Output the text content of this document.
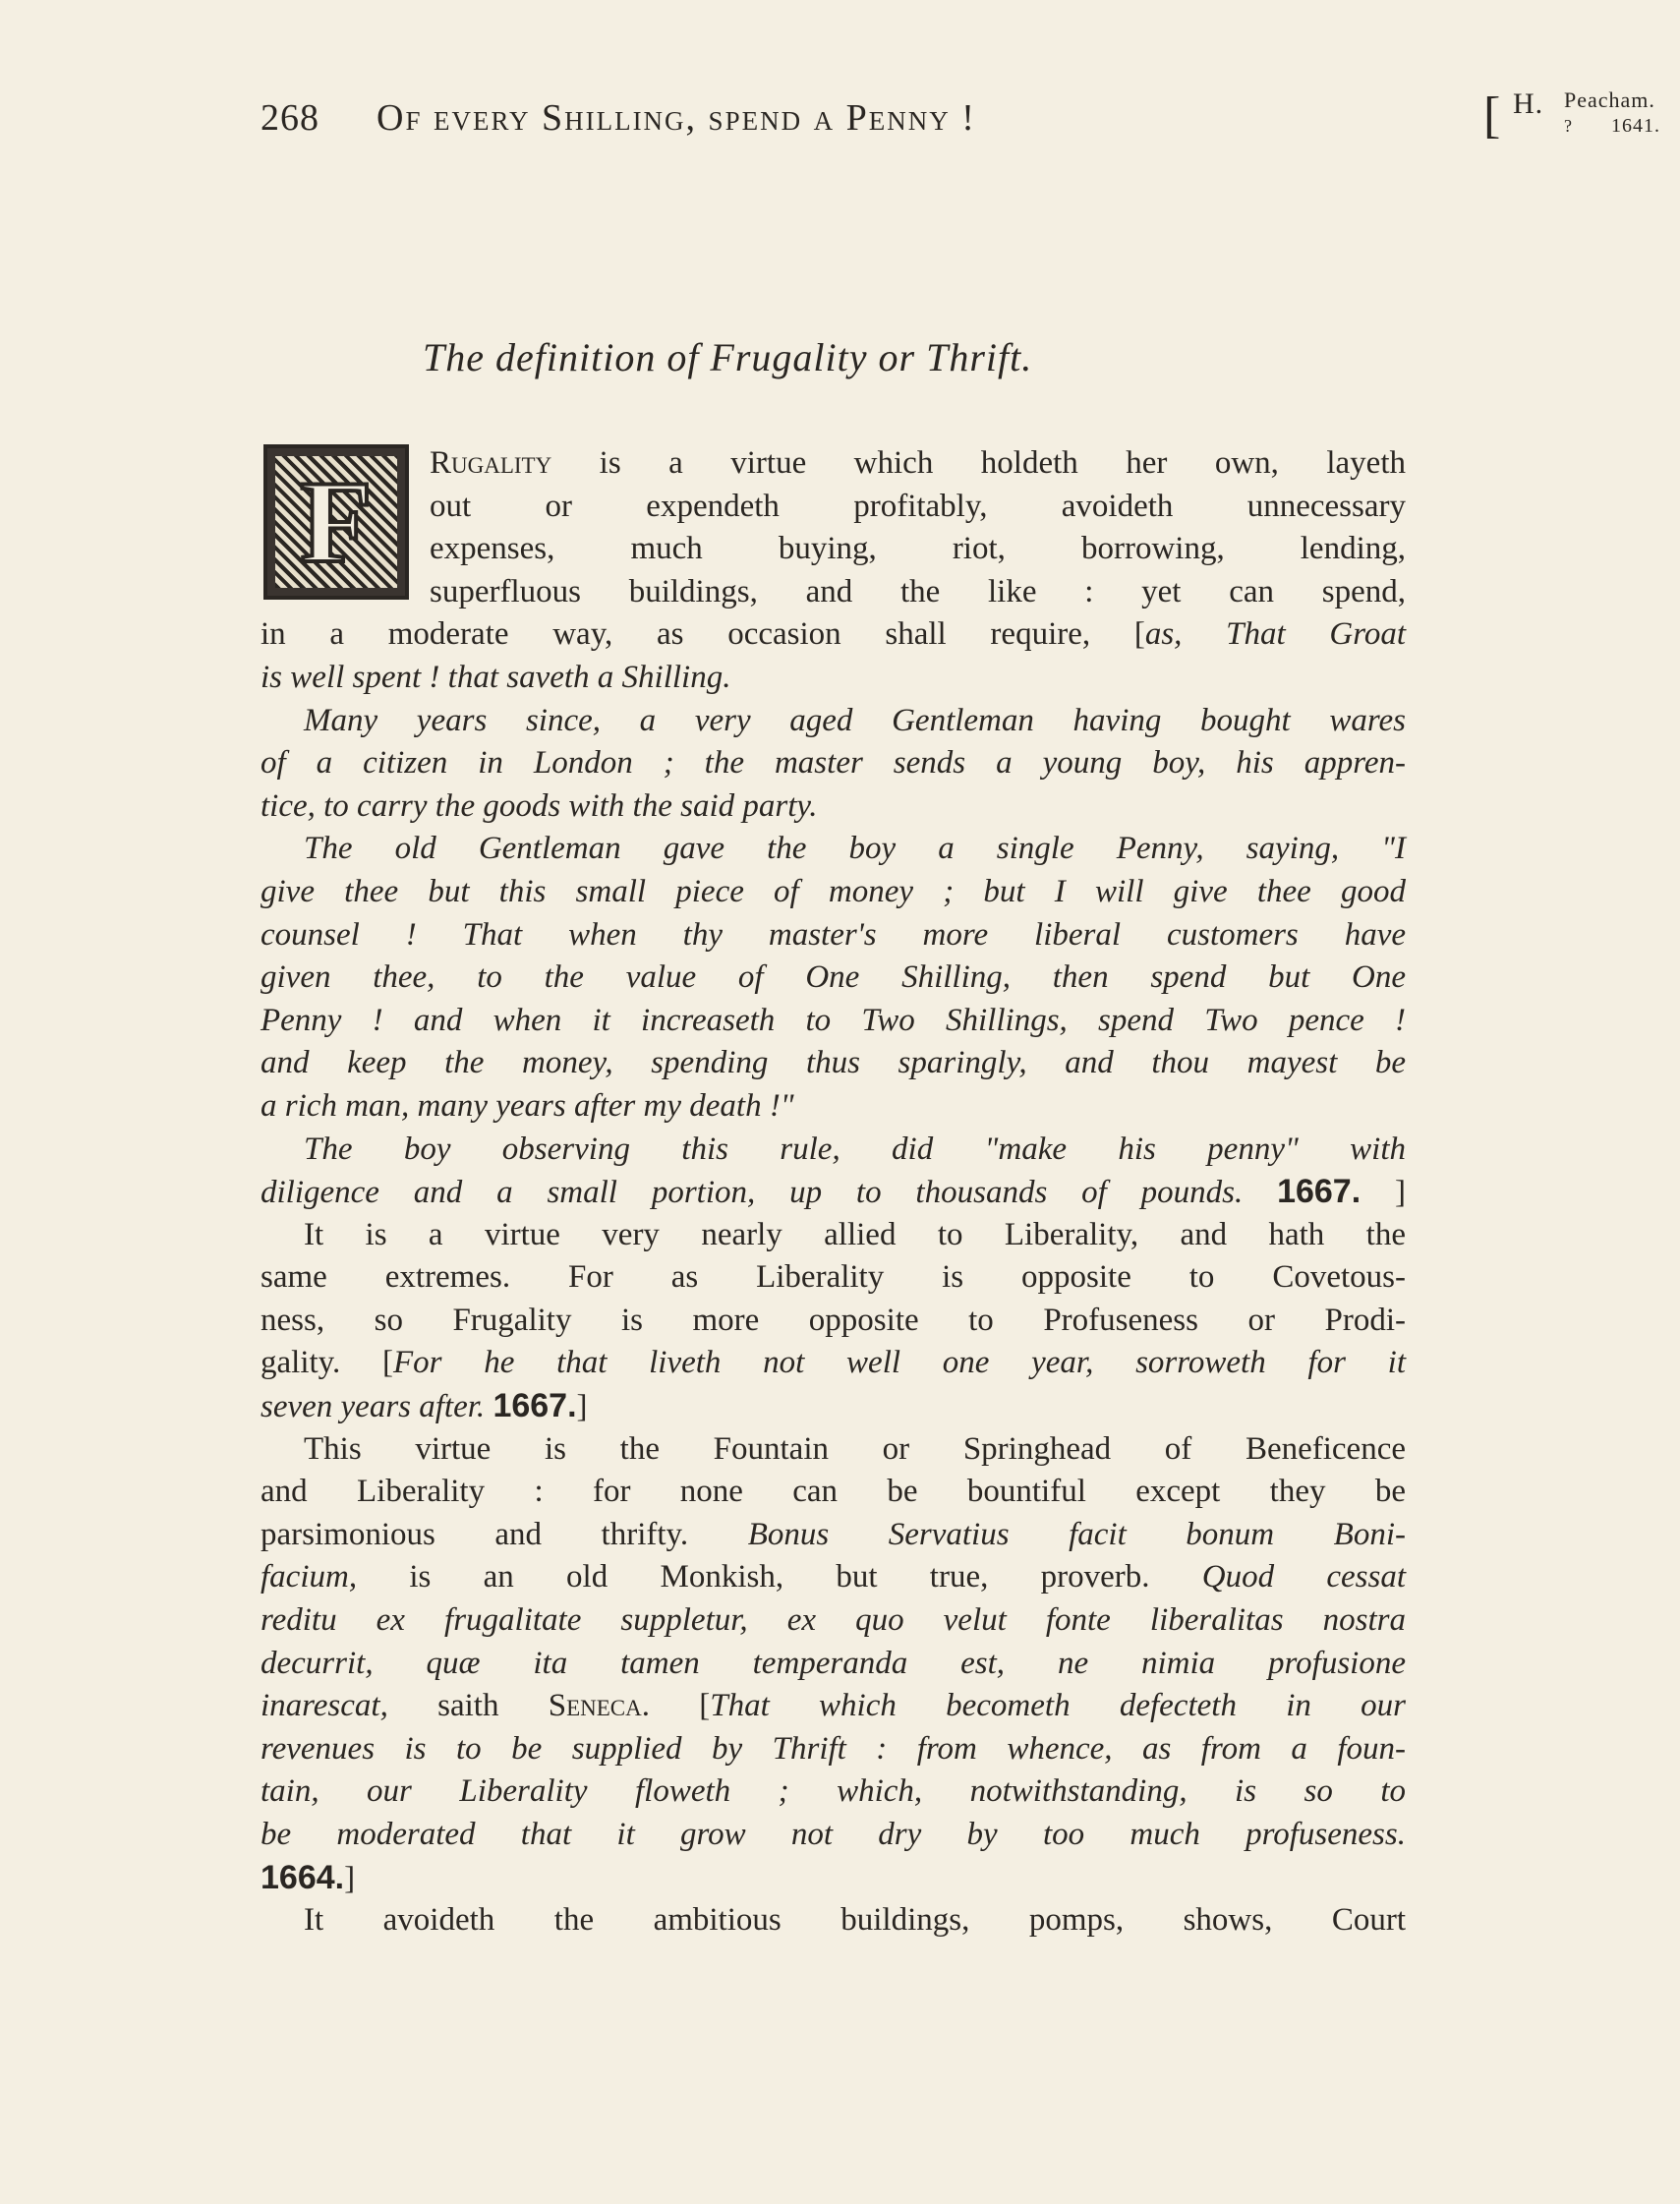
268 Of every Shilling, spend a Penny !	[ H. Peacham.
? 1641.
The definition of Frugality or Thrift.
F	Rugality is a virtue which holdeth her own, layeth
out or expendeth profitably, avoideth unnecessary
expenses, much buying, riot, borrowing, lending,
superfluous buildings, and the like : yet can spend,
in a moderate way, as occasion shall require, [as, That Groat
is well spent ! that saveth a Shilling.
Many years since, a very aged Gentleman having bought wares
of a citizen in London ; the master sends a young boy, his appren-
tice, to carry the goods with the said party.
The old Gentleman gave the boy a single Penny, saying, "I
give thee but this small piece of money ; but I will give thee good
counsel ! That when thy master's more liberal customers have
given thee, to the value of One Shilling, then spend but One
Penny ! and when it increaseth to Two Shillings, spend Two pence !
and keep the money, spending thus sparingly, and thou mayest be
a rich man, many years after my death !"
The boy observing this rule, did "make his penny" with
diligence and a small portion, up to thousands of pounds. 1667. ]
It is a virtue very nearly allied to Liberality, and hath the
same extremes. For as Liberality is opposite to Covetous-
ness, so Frugality is more opposite to Profuseness or Prodi-
gality. [For he that liveth not well one year, sorroweth for it
seven years after. 1667.]
This virtue is the Fountain or Springhead of Beneficence
and Liberality : for none can be bountiful except they be
parsimonious and thrifty. Bonus Servatius facit bonum Boni-
facium, is an old Monkish, but true, proverb. Quod cessat
reditu ex frugalitate suppletur, ex quo velut fonte liberalitas nostra
decurrit, quæ ita tamen temperanda est, ne nimia profusione
inarescat, saith Seneca. [That which becometh defecteth in our
revenues is to be supplied by Thrift : from whence, as from a foun-
tain, our Liberality floweth ; which, notwithstanding, is so to
be moderated that it grow not dry by too much profuseness.
1664.]
It avoideth the ambitious buildings, pomps, shows, Court
